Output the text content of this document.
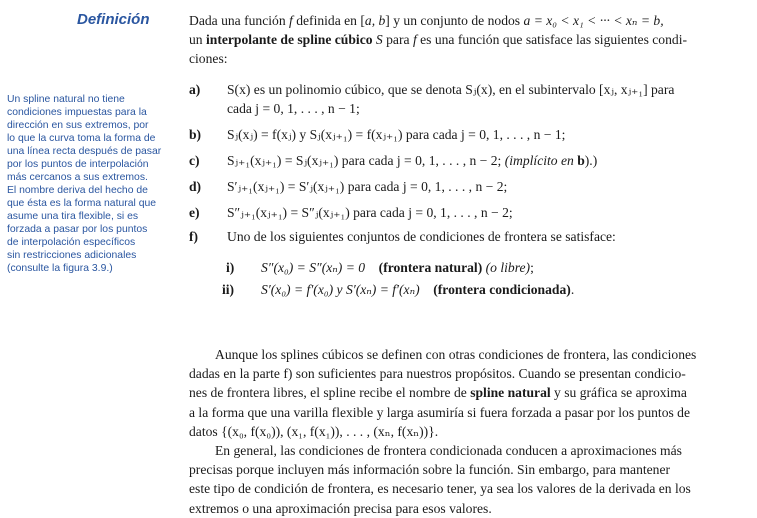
Definición
Un spline natural no tiene
condiciones impuestas para la
dirección en sus extremos, por
lo que la curva toma la forma de
una línea recta después de pasar
por los puntos de interpolación
más cercanos a sus extremos.
El nombre deriva del hecho de
que ésta es la forma natural que
asume una tira flexible, si es
forzada a pasar por los puntos
de interpolación específicos
sin restricciones adicionales
(consulte la figura 3.9.)
Dada una función f definida en [a, b] y un conjunto de nodos a = x₀ < x₁ < ··· < xₙ = b,
un interpolante de spline cúbico S para f es una función que satisface las siguientes condi-
ciones:
a) S(x) es un polinomio cúbico, que se denota Sⱼ(x), en el subintervalo [xⱼ, xⱼ₊₁] para
cada j = 0, 1, . . . , n − 1;
b) Sⱼ(xⱼ) = f(xⱼ) y Sⱼ(xⱼ₊₁) = f(xⱼ₊₁) para cada j = 0, 1, . . . , n − 1;
c) Sⱼ₊₁(xⱼ₊₁) = Sⱼ(xⱼ₊₁) para cada j = 0, 1, . . . , n − 2; (implícito en b).)
d) S′ⱼ₊₁(xⱼ₊₁) = S′ⱼ(xⱼ₊₁) para cada j = 0, 1, . . . , n − 2;
e) S″ⱼ₊₁(xⱼ₊₁) = S″ⱼ(xⱼ₊₁) para cada j = 0, 1, . . . , n − 2;
f) Uno de los siguientes conjuntos de condiciones de frontera se satisface:
i) S″(x₀) = S″(xₙ) = 0 (frontera natural) (o libre);
ii) S′(x₀) = f′(x₀) y S′(xₙ) = f′(xₙ) (frontera condicionada).
Aunque los splines cúbicos se definen con otras condiciones de frontera, las condiciones
dadas en la parte f) son suficientes para nuestros propósitos. Cuando se presentan condicio-
nes de frontera libres, el spline recibe el nombre de spline natural y su gráfica se aproxima
a la forma que una varilla flexible y larga asumiría si fuera forzada a pasar por los puntos de
datos {(x₀, f(x₀)), (x₁, f(x₁)), . . . , (xₙ, f(xₙ))}.
En general, las condiciones de frontera condicionada conducen a aproximaciones más
precisas porque incluyen más información sobre la función. Sin embargo, para mantener
este tipo de condición de frontera, es necesario tener, ya sea los valores de la derivada en los
extremos o una aproximación precisa para esos valores.
